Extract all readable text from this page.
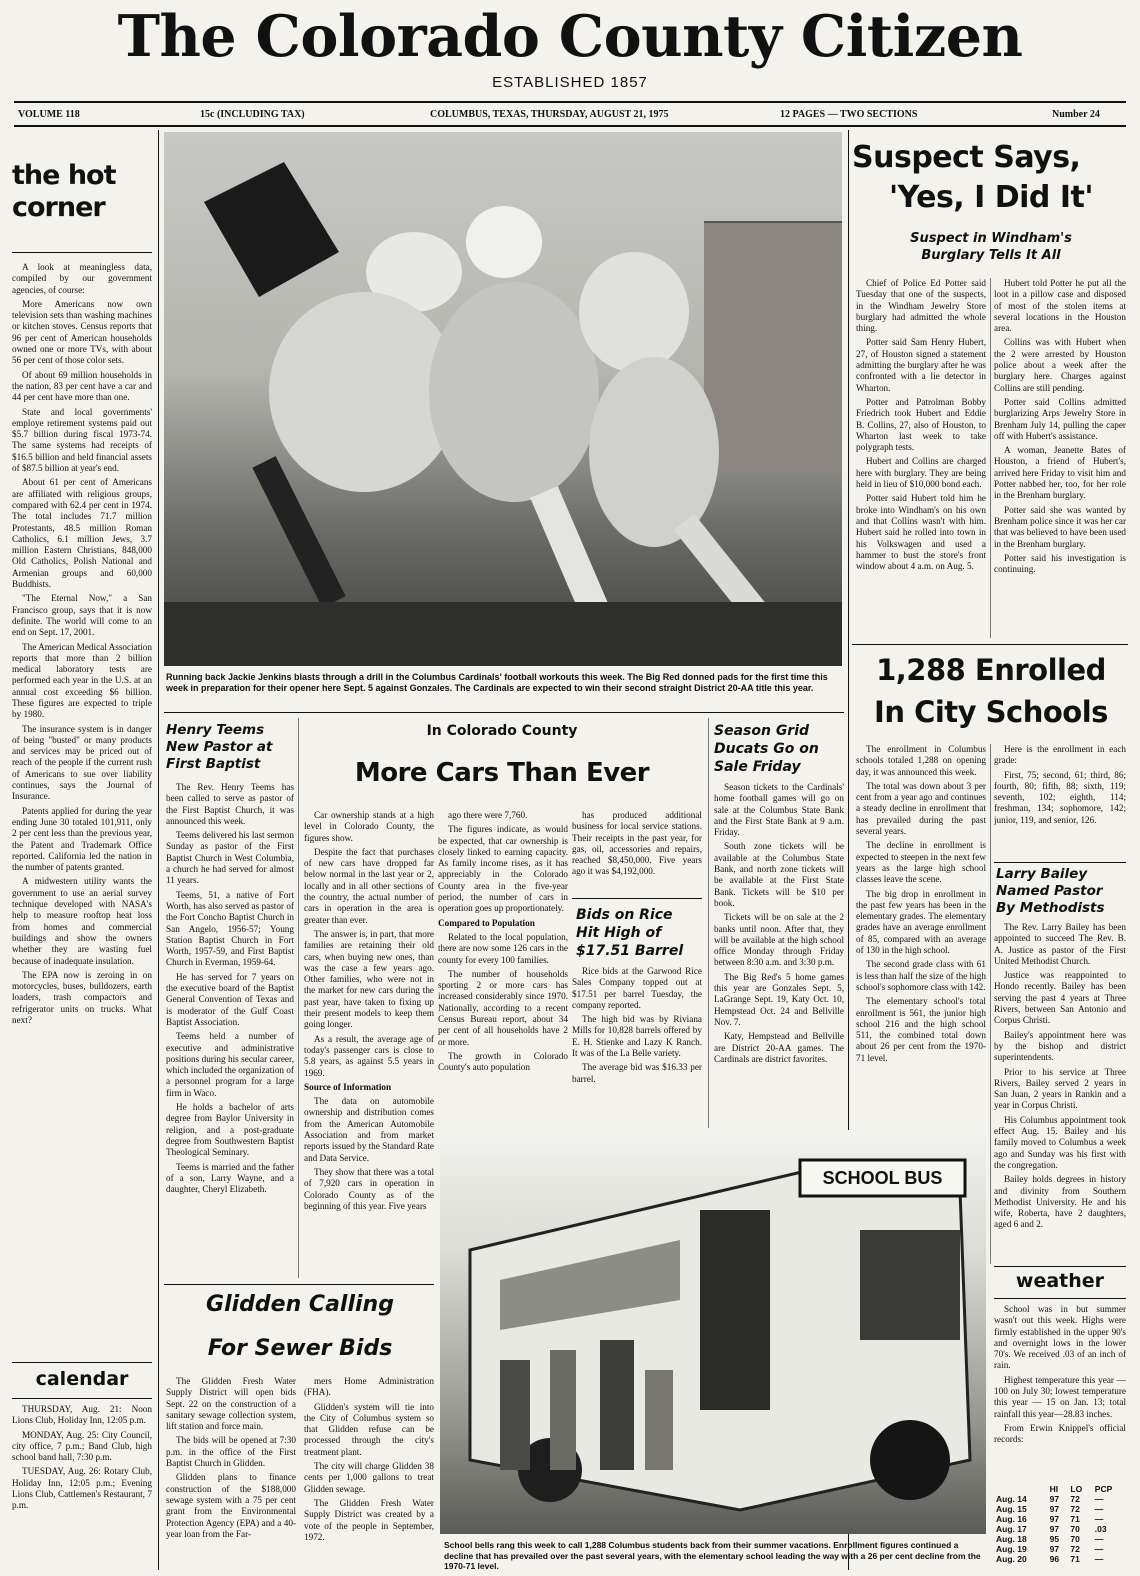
The Colorado County Citizen
ESTABLISHED 1857
VOLUME 118	15c (INCLUDING TAX)	COLUMBUS, TEXAS, THURSDAY, AUGUST 21, 1975	12 PAGES — TWO SECTIONS	Number 24
the hot
corner

A look at meaningless data, compiled by our government agencies, of course:

More Americans now own television sets than washing machines or kitchen stoves. Census reports that 96 per cent of American households owned one or more TVs, with about 56 per cent of those color sets.

Of about 69 million households in the nation, 83 per cent have a car and 44 per cent have more than one.

State and local governments' employe retirement systems paid out $5.7 billion during fiscal 1973-74. The same systems had receipts of $16.5 billion and held financial assets of $87.5 billion at year's end.

About 61 per cent of Americans are affiliated with religious groups, compared with 62.4 per cent in 1974. The total includes 71.7 million Protestants, 48.5 million Roman Catholics, 6.1 million Jews, 3.7 million Eastern Christians, 848,000 Old Catholics, Polish National and Armenian groups and 60,000 Buddhists.

"The Eternal Now," a San Francisco group, says that it is now definite. The world will come to an end on Sept. 17, 2001.

The American Medical Association reports that more than 2 billion medical laboratory tests are performed each year in the U.S. at an annual cost exceeding $6 billion. These figures are expected to triple by 1980.

The insurance system is in danger of being "busted" or many products and services may be priced out of reach of the people if the current rush of Americans to sue over liability continues, says the Journal of Insurance.

Patents applied for during the year ending June 30 totaled 101,911, only 2 per cent less than the previous year, the Patent and Trademark Office reported. California led the nation in the number of patents granted.

A midwestern utility wants the government to use an aerial survey technique developed with NASA's help to measure rooftop heat loss from homes and commercial buildings and show the owners whether they are wasting fuel because of inadequate insulation.

The EPA now is zeroing in on motorcycles, buses, bulldozers, earth loaders, trash compactors and refrigerator units on trucks. What next?

calendar

THURSDAY, Aug. 21: Noon Lions Club, Holiday Inn, 12:05 p.m.

MONDAY, Aug. 25: City Council, city office, 7 p.m.; Band Club, high school band hall, 7:30 p.m.

TUESDAY, Aug. 26: Rotary Club, Holiday Inn, 12:05 p.m.; Evening Lions Club, Cattlemen's Restaurant, 7 p.m.

Running back Jackie Jenkins blasts through a drill in the Columbus Cardinals' football workouts this week. The Big Red donned pads for the first time this week in preparation for their opener here Sept. 5 against Gonzales. The Cardinals are expected to win their second straight District 20-AA title this year.
Suspect Says,
'Yes, I Did It'
Suspect in Windham's
Burglary Tells It All

Chief of Police Ed Potter said Tuesday that one of the suspects, in the Windham Jewelry Store burglary had admitted the whole thing.

Potter said Sam Henry Hubert, 27, of Houston signed a statement admitting the burglary after he was confronted with a lie detector in Wharton.

Potter and Patrolman Bobby Friedrich took Hubert and Eddie B. Collins, 27, also of Houston, to Wharton last week to take polygraph tests.

Hubert and Collins are charged here with burglary. They are being held in lieu of $10,000 bond each.

Potter said Hubert told him he broke into Windham's on his own and that Collins wasn't with him. Hubert said he rolled into town in his Volkswagen and used a hammer to bust the store's front window about 4 a.m. on Aug. 5.

Hubert told Potter he put all the loot in a pillow case and disposed of most of the stolen items at several locations in the Houston area.

Collins was with Hubert when the 2 were arrested by Houston police about a week after the burglary here. Charges against Collins are still pending.

Potter said Collins admitted burglarizing Arps Jewelry Store in Brenham July 14, pulling the caper off with Hubert's assistance.

A woman, Jeanette Bates of Houston, a friend of Hubert's, arrived here Friday to visit him and Potter nabbed her, too, for her role in the Brenham burglary.

Potter said she was wanted by Brenham police since it was her car that was believed to have been used in the Brenham burglary.

Potter said his investigation is continuing.

1,288 Enrolled
In City Schools

The enrollment in Columbus schools totaled 1,288 on opening day, it was announced this week.

The total was down about 3 per cent from a year ago and continues a steady decline in enrollment that has prevailed during the past several years.

The decline in enrollment is expected to steepen in the next few years as the large high school classes leave the scene.

The big drop in enrollment in the past few years has been in the elementary grades. The elementary grades have an average enrollment of 85, compared with an average of 130 in the high school.

The second grade class with 61 is less than half the size of the high school's sophomore class with 142.

The elementary school's total enrollment is 561, the junior high school 216 and the high school 511, the combined total down about 26 per cent from the 1970-71 level.

Here is the enrollment in each grade:

First, 75; second, 61; third, 86; fourth, 80; fifth, 88; sixth, 119; seventh, 102; eighth, 114; freshman, 134; sophomore, 142; junior, 119, and senior, 126.

Larry Bailey
Named Pastor
By Methodists

The Rev. Larry Bailey has been appointed to succeed The Rev. B. A. Justice as pastor of the First United Methodist Church.

Justice was reappointed to Hondo recently. Bailey has been serving the past 4 years at Three Rivers, between San Antonio and Corpus Christi.

Bailey's appointment here was by the bishop and district superintendents.

Prior to his service at Three Rivers, Bailey served 2 years in San Juan, 2 years in Rankin and a year in Corpus Christi.

His Columbus appointment took effect Aug. 15. Bailey and his family moved to Columbus a week ago and Sunday was his first with the congregation.

Bailey holds degrees in history and divinity from Southern Methodist University. He and his wife, Roberta, have 2 daughters, aged 6 and 2.

weather

School was in but summer wasn't out this week. Highs were firmly established in the upper 90's and overnight lows in the lower 70's. We received .03 of an inch of rain.

Highest temperature this year — 100 on July 30; lowest temperature this year — 15 on Jan. 13; total rainfall this year—28.83 inches.

From Erwin Knippel's official records:

	HI	LO	PCP
Aug. 14	97	72	—
Aug. 15	97	72	—
Aug. 16	97	71	—
Aug. 17	97	70	.03
Aug. 18	95	70	—
Aug. 19	97	72	—
Aug. 20	96	71	—
Henry Teems
New Pastor at
First Baptist

The Rev. Henry Teems has been called to serve as pastor of the First Baptist Church, it was announced this week.

Teems delivered his last sermon Sunday as pastor of the First Baptist Church in West Columbia, a church he had served for almost 11 years.

Teems, 51, a native of Fort Worth, has also served as pastor of the Fort Concho Baptist Church in San Angelo, 1956-57; Young Station Baptist Church in Fort Worth, 1957-59, and First Baptist Church in Everman, 1959-64.

He has served for 7 years on the executive board of the Baptist General Convention of Texas and is moderator of the Gulf Coast Baptist Association.

Teems held a number of executive and administrative positions during his secular career, which included the organization of a personnel program for a large firm in Waco.

He holds a bachelor of arts degree from Baylor University in religion, and a post-graduate degree from Southwestern Baptist Theological Seminary.

Teems is married and the father of a son, Larry Wayne, and a daughter, Cheryl Elizabeth.

In Colorado County
More Cars Than Ever

Car ownership stands at a high level in Colorado County, the figures show.

Despite the fact that purchases of new cars have dropped far below normal in the last year or 2, locally and in all other sections of the country, the actual number of cars in operation in the area is greater than ever.

The answer is, in part, that more families are retaining their old cars, when buying new ones, than was the case a few years ago. Other families, who were not in the market for new cars during the past year, have taken to fixing up their present models to keep them going longer.

As a result, the average age of today's passenger cars is close to 5.8 years, as against 5.5 years in 1969.

Source of Information

The data on automobile ownership and distribution comes from the American Automobile Association and from market reports issued by the Standard Rate and Data Service.

They show that there was a total of 7,920 cars in operation in Colorado County as of the beginning of this year. Five years

ago there were 7,760.

The figures indicate, as would be expected, that car ownership is closely linked to earning capacity. As family income rises, as it has appreciably in the Colorado County area in the five-year period, the number of cars in operation goes up proportionately.

Compared to Population

Related to the local population, there are now some 126 cars in the county for every 100 families.

The number of households sporting 2 or more cars has increased considerably since 1970. Nationally, according to a recent Census Bureau report, about 34 per cent of all households have 2 or more.

The growth in Colorado County's auto population

has produced additional business for local service stations. Their receipts in the past year, for gas, oil, accessories and repairs, reached $8,450,000. Five years ago it was $4,192,000.

Bids on Rice
Hit High of
$17.51 Barrel

Rice bids at the Garwood Rice Sales Company topped out at $17.51 per barrel Tuesday, the company reported.

The high bid was by Riviana Mills for 10,828 barrels offered by E. H. Stienke and Lazy K Ranch. It was of the La Belle variety.

The average bid was $16.33 per barrel.

Season Grid
Ducats Go on
Sale Friday

Season tickets to the Cardinals' home football games will go on sale at the Columbus State Bank and the First State Bank at 9 a.m. Friday.

South zone tickets will be available at the Columbus State Bank, and north zone tickets will be available at the First State Bank. Tickets will be $10 per book.

Tickets will be on sale at the 2 banks until noon. After that, they will be available at the high school office Monday through Friday between 8:30 a.m. and 3:30 p.m.

The Big Red's 5 home games this year are Gonzales Sept. 5, LaGrange Sept. 19, Katy Oct. 10, Hempstead Oct. 24 and Bellville Nov. 7.

Katy, Hempstead and Bellville are District 20-AA games. The Cardinals are district favorites.

Glidden Calling
For Sewer Bids

The Glidden Fresh Water Supply District will open bids Sept. 22 on the construction of a sanitary sewage collection system, lift station and force main.

The bids will be opened at 7:30 p.m. in the office of the First Baptist Church in Glidden.

Glidden plans to finance construction of the $188,000 sewage system with a 75 per cent grant from the Environmental Protection Agency (EPA) and a 40-year loan from the Far-

mers Home Administration (FHA).

Glidden's system will tie into the City of Columbus system so that Glidden refuse can be processed through the city's treatment plant.

The city will charge Glidden 38 cents per 1,000 gallons to treat Glidden sewage.

The Glidden Fresh Water Supply District was created by a vote of the people in September, 1972.

SCHOOL BUS
School bells rang this week to call 1,288 Columbus students back from their summer vacations. Enrollment figures continued a decline that has prevailed over the past several years, with the elementary school leading the way with a 26 per cent decline from the 1970-71 level.
